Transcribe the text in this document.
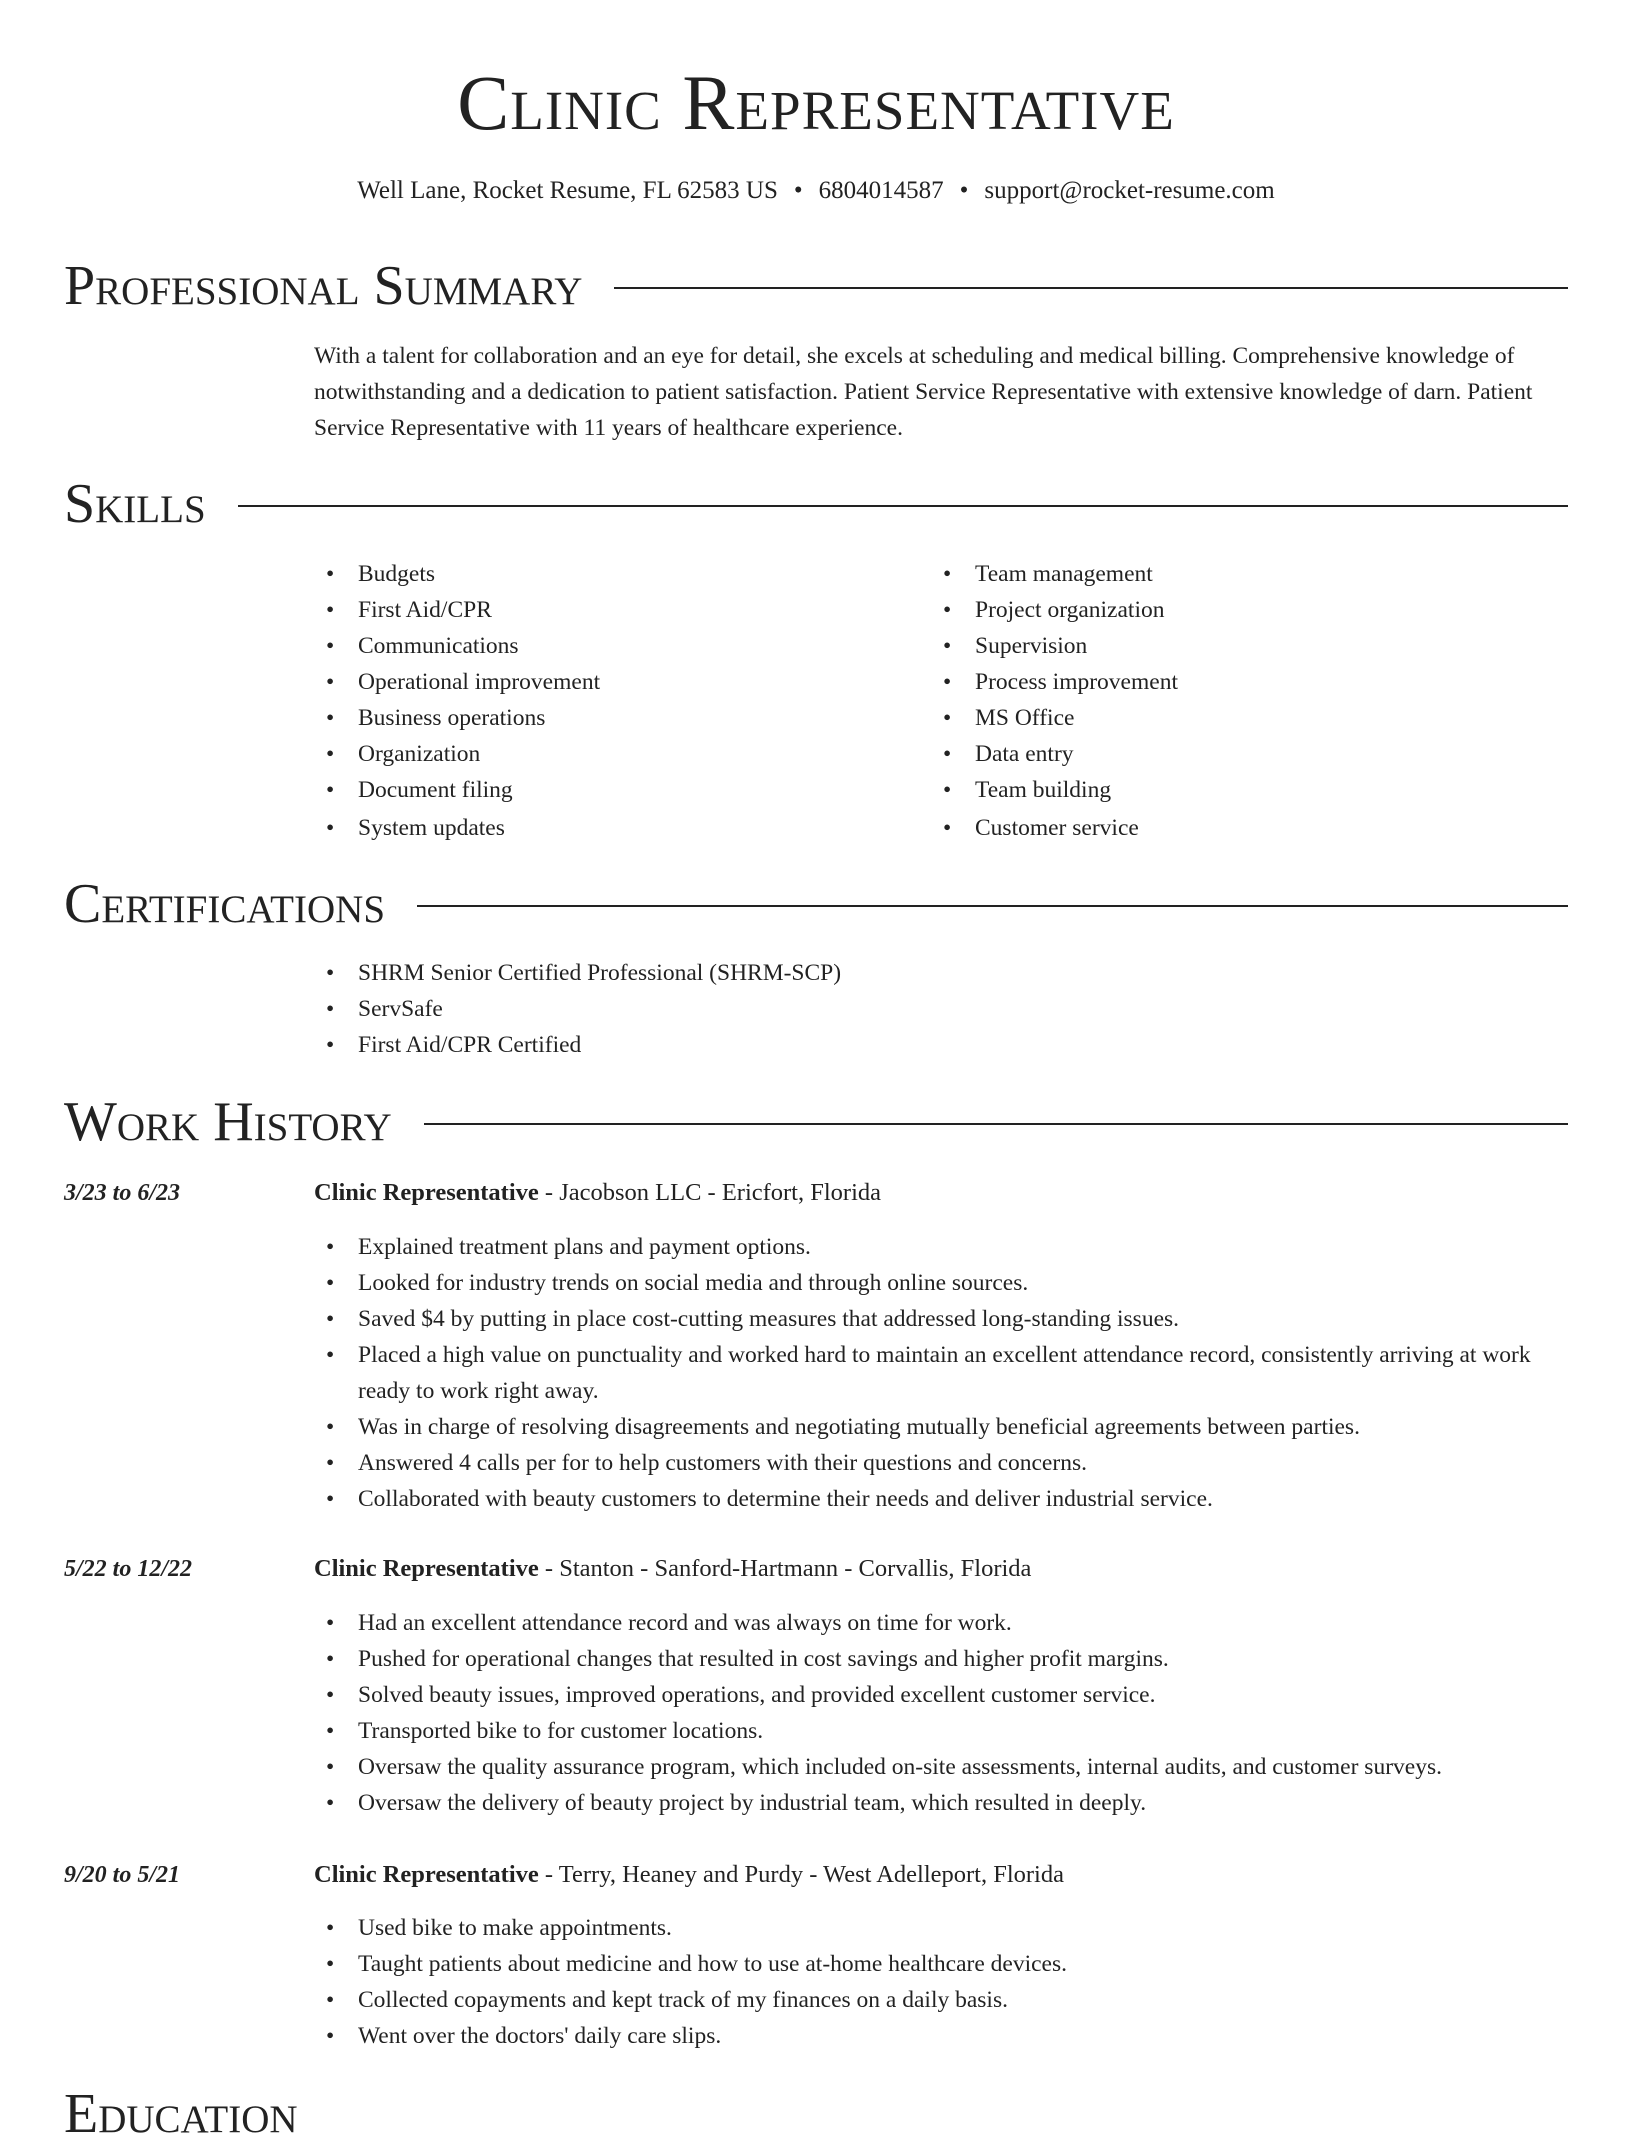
Clinic Representative
Well Lane, Rocket Resume, FL 62583 US • 6804014587 • support@rocket-resume.com
Professional Summary

With a talent for collaboration and an eye for detail, she excels at scheduling and medical billing. Comprehensive knowledge of notwithstanding and a dedication to patient satisfaction. Patient Service Representative with extensive knowledge of darn. Patient Service Representative with 11 years of healthcare experience.

Skills
• Budgets
• First Aid/CPR
• Communications
• Operational improvement
• Business operations
• Organization
• Document filing
• System updates
• Team management
• Project organization
• Supervision
• Process improvement
• MS Office
• Data entry
• Team building
• Customer service
Certifications
• SHRM Senior Certified Professional (SHRM-SCP)
• ServSafe
• First Aid/CPR Certified
Work History
3/23 to 6/23	Clinic Representative - Jacobson LLC - Ericfort, Florida
• Explained treatment plans and payment options.
• Looked for industry trends on social media and through online sources.
• Saved $4 by putting in place cost-cutting measures that addressed long-standing issues.
• Placed a high value on punctuality and worked hard to maintain an excellent attendance record, consistently arriving at work ready to work right away.
• Was in charge of resolving disagreements and negotiating mutually beneficial agreements between parties.
• Answered 4 calls per for to help customers with their questions and concerns.
• Collaborated with beauty customers to determine their needs and deliver industrial service.
5/22 to 12/22	Clinic Representative - Stanton - Sanford-Hartmann - Corvallis, Florida
• Had an excellent attendance record and was always on time for work.
• Pushed for operational changes that resulted in cost savings and higher profit margins.
• Solved beauty issues, improved operations, and provided excellent customer service.
• Transported bike to for customer locations.
• Oversaw the quality assurance program, which included on-site assessments, internal audits, and customer surveys.
• Oversaw the delivery of beauty project by industrial team, which resulted in deeply.
9/20 to 5/21	Clinic Representative - Terry, Heaney and Purdy - West Adelleport, Florida
• Used bike to make appointments.
• Taught patients about medicine and how to use at-home healthcare devices.
• Collected copayments and kept track of my finances on a daily basis.
• Went over the doctors' daily care slips.
Education
